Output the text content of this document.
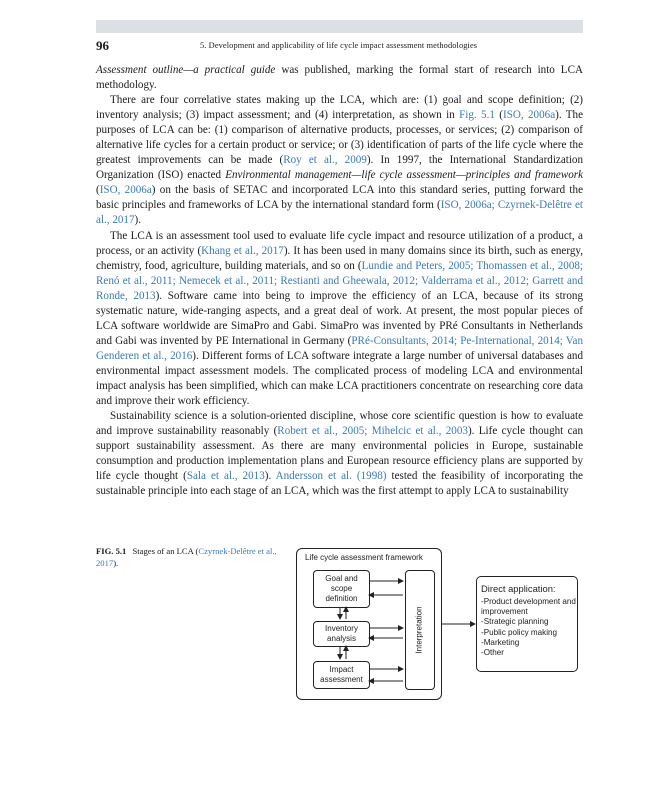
96	5. Development and applicability of life cycle impact assessment methodologies

Assessment outline—a practical guide was published, marking the formal start of research into LCA methodology.

There are four correlative states making up the LCA, which are: (1) goal and scope definition; (2) inventory analysis; (3) impact assessment; and (4) interpretation, as shown in Fig. 5.1 (ISO, 2006a). The purposes of LCA can be: (1) comparison of alternative products, processes, or services; (2) comparison of alternative life cycles for a certain product or service; or (3) identification of parts of the life cycle where the greatest improvements can be made (Roy et al., 2009). In 1997, the International Standardization Organization (ISO) enacted Environmental management—life cycle assessment—principles and framework (ISO, 2006a) on the basis of SETAC and incorporated LCA into this standard series, putting forward the basic principles and frameworks of LCA by the international standard form (ISO, 2006a; Czyrnek-Delêtre et al., 2017).

The LCA is an assessment tool used to evaluate life cycle impact and resource utilization of a product, a process, or an activity (Khang et al., 2017). It has been used in many domains since its birth, such as energy, chemistry, food, agriculture, building materials, and so on (Lundie and Peters, 2005; Thomassen et al., 2008; Renó et al., 2011; Nemecek et al., 2011; Restianti and Gheewala, 2012; Valderrama et al., 2012; Garrett and Ronde, 2013). Software came into being to improve the efficiency of an LCA, because of its strong systematic nature, wide-ranging aspects, and a great deal of work. At present, the most popular pieces of LCA software worldwide are SimaPro and Gabi. SimaPro was invented by PRé Consultants in Netherlands and Gabi was invented by PE International in Germany (PRé-Consultants, 2014; Pe-International, 2014; Van Genderen et al., 2016). Different forms of LCA software integrate a large number of universal databases and environmental impact assessment models. The complicated process of modeling LCA and environmental impact analysis has been simplified, which can make LCA practitioners concentrate on researching core data and improve their work efficiency.

Sustainability science is a solution-oriented discipline, whose core scientific question is how to evaluate and improve sustainability reasonably (Robert et al., 2005; Mihelcic et al., 2003). Life cycle thought can support sustainability assessment. As there are many environmental policies in Europe, sustainable consumption and production implementation plans and European resource efficiency plans are supported by life cycle thought (Sala et al., 2013). Andersson et al. (1998) tested the feasibility of incorporating the sustainable principle into each stage of an LCA, which was the first attempt to apply LCA to sustainability

FIG. 5.1 Stages of an LCA (Czyrnek-Delêtre et al., 2017).
Life cycle assessment framework
Goal and scope definition
Inventory analysis
Impact assessment
Interpretation
Direct application:
-Product development and improvement
-Strategic planning
-Public policy making
-Marketing
-Other
